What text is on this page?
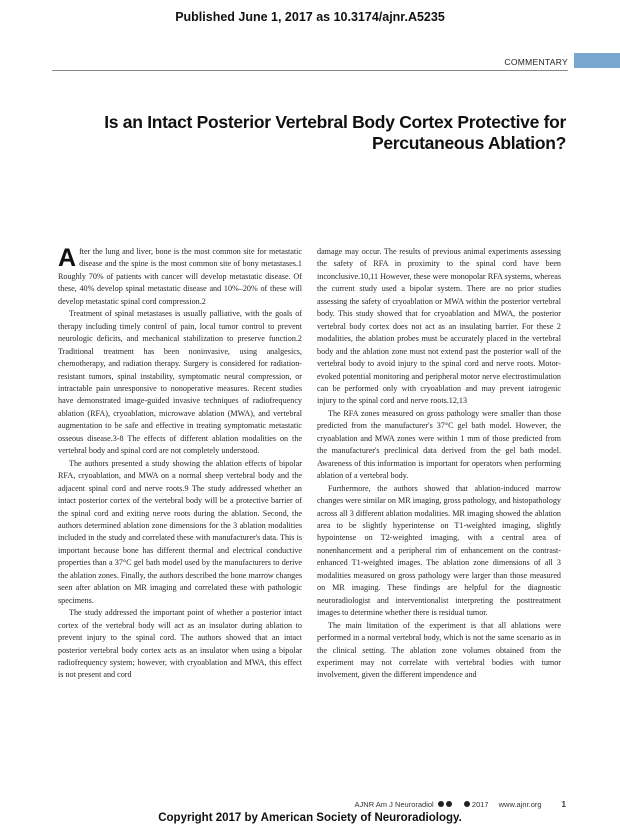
Published June 1, 2017 as 10.3174/ajnr.A5235
COMMENTARY
Is an Intact Posterior Vertebral Body Cortex Protective for
Percutaneous Ablation?

After the lung and liver, bone is the most common site for metastatic disease and the spine is the most common site of bony metastases.1 Roughly 70% of patients with cancer will develop metastatic disease. Of these, 40% develop spinal metastatic disease and 10%–20% of these will develop metastatic spinal cord compression.2

Treatment of spinal metastases is usually palliative, with the goals of therapy including timely control of pain, local tumor control to prevent neurologic deficits, and mechanical stabilization to preserve function.2 Traditional treatment has been noninvasive, using analgesics, chemotherapy, and radiation therapy. Surgery is considered for radiation-resistant tumors, spinal instability, symptomatic neural compression, or intractable pain unresponsive to nonoperative measures. Recent studies have demonstrated image-guided invasive techniques of radiofrequency ablation (RFA), cryoablation, microwave ablation (MWA), and vertebral augmentation to be safe and effective in treating symptomatic metastatic osseous disease.3-8 The effects of different ablation modalities on the vertebral body and spinal cord are not completely understood.

The authors presented a study showing the ablation effects of bipolar RFA, cryoablation, and MWA on a normal sheep vertebral body and the adjacent spinal cord and nerve roots.9 The study addressed whether an intact posterior cortex of the vertebral body will be a protective barrier of the spinal cord and exiting nerve roots during the ablation. Second, the authors determined ablation zone dimensions for the 3 ablation modalities included in the study and correlated these with manufacturer's data. This is important because bone has different thermal and electrical conductive properties than a 37°C gel bath model used by the manufacturers to derive the ablation zones. Finally, the authors described the bone marrow changes seen after ablation on MR imaging and correlated these with pathologic specimens.

The study addressed the important point of whether a posterior intact cortex of the vertebral body will act as an insulator during ablation to prevent injury to the spinal cord. The authors showed that an intact posterior vertebral body cortex acts as an insulator when using a bipolar radiofrequency system; however, with cryoablation and MWA, this effect is not present and cord

damage may occur. The results of previous animal experiments assessing the safety of RFA in proximity to the spinal cord have been inconclusive.10,11 However, these were monopolar RFA systems, whereas the current study used a bipolar system. There are no prior studies assessing the safety of cryoablation or MWA within the posterior vertebral body. This study showed that for cryoablation and MWA, the posterior vertebral body cortex does not act as an insulating barrier. For these 2 modalities, the ablation probes must be accurately placed in the vertebral body and the ablation zone must not extend past the posterior wall of the vertebral body to avoid injury to the spinal cord and nerve roots. Motor-evoked potential monitoring and peripheral motor nerve electrostimulation can be performed only with cryoablation and may prevent iatrogenic injury to the spinal cord and nerve roots.12,13

The RFA zones measured on gross pathology were smaller than those predicted from the manufacturer's 37°C gel bath model. However, the cryoablation and MWA zones were within 1 mm of those predicted from the manufacturer's preclinical data derived from the gel bath model. Awareness of this information is important for operators when performing ablation of a vertebral body.

Furthermore, the authors showed that ablation-induced marrow changes were similar on MR imaging, gross pathology, and histopathology across all 3 different ablation modalities. MR imaging showed the ablation area to be slightly hyperintense on T1-weighted imaging, slightly hypointense on T2-weighted imaging, with a central area of nonenhancement and a peripheral rim of enhancement on the contrast-enhanced T1-weighted images. The ablation zone dimensions of all 3 modalities measured on gross pathology were larger than those measured on MR imaging. These findings are helpful for the diagnostic neuroradiologist and interventionalist interpreting the posttreatment images to determine whether there is residual tumor.

The main limitation of the experiment is that all ablations were performed in a normal vertebral body, which is not the same scenario as in the clinical setting. The ablation zone volumes obtained from the experiment may not correlate with vertebral bodies with tumor involvement, given the different impendence and

AJNR Am J Neuroradiol	2017 www.ajnr.org	1
Copyright 2017 by American Society of Neuroradiology.
